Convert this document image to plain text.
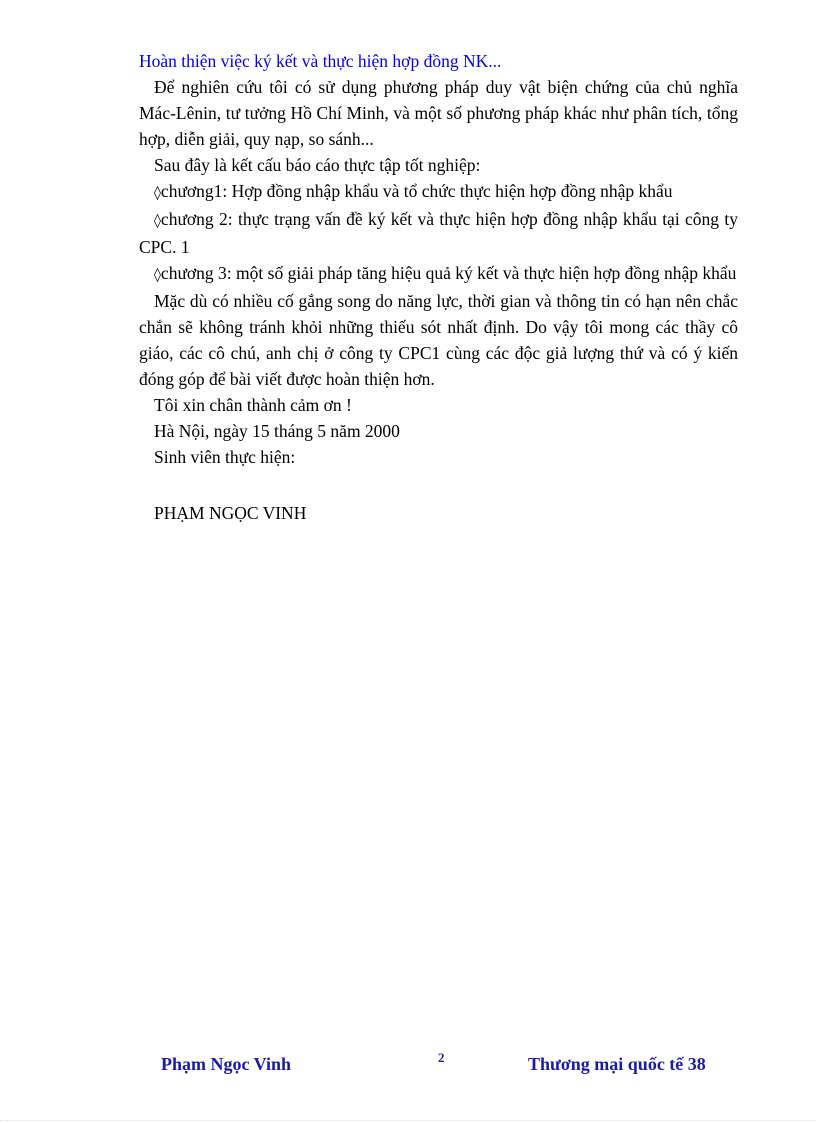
Hoàn thiện việc ký kết và thực hiện hợp đồng NK...

Để nghiên cứu tôi có sử dụng phương pháp duy vật biện chứng của chủ nghĩa Mác-Lênin, tư tưởng Hồ Chí Minh, và một số phương pháp khác như phân tích, tổng hợp, diễn giải, quy nạp, so sánh...

Sau đây là kết cấu báo cáo thực tập tốt nghiệp:

◊chương1: Hợp đồng nhập khẩu và tổ chức thực hiện hợp đồng nhập khẩu

◊chương 2: thực trạng vấn đề ký kết và thực hiện hợp đồng nhập khẩu tại công ty CPC. 1

◊chương 3: một số giải pháp tăng hiệu quả ký kết và thực hiện hợp đồng nhập khẩu

Mặc dù có nhiều cố gắng song do năng lực, thời gian và thông tin có hạn nên chắc chắn sẽ không tránh khỏi những thiếu sót nhất định. Do vậy tôi mong các thầy cô giáo, các cô chú, anh chị ở công ty CPC1 cùng các độc giả lượng thứ và có ý kiến đóng góp để bài viết được hoàn thiện hơn.

Tôi xin chân thành cảm ơn !

Hà Nội, ngày 15 tháng 5 năm 2000

Sinh viên thực hiện:

PHẠM NGỌC VINH

Phạm Ngọc Vinh	2	Thương mại quốc tế 38
